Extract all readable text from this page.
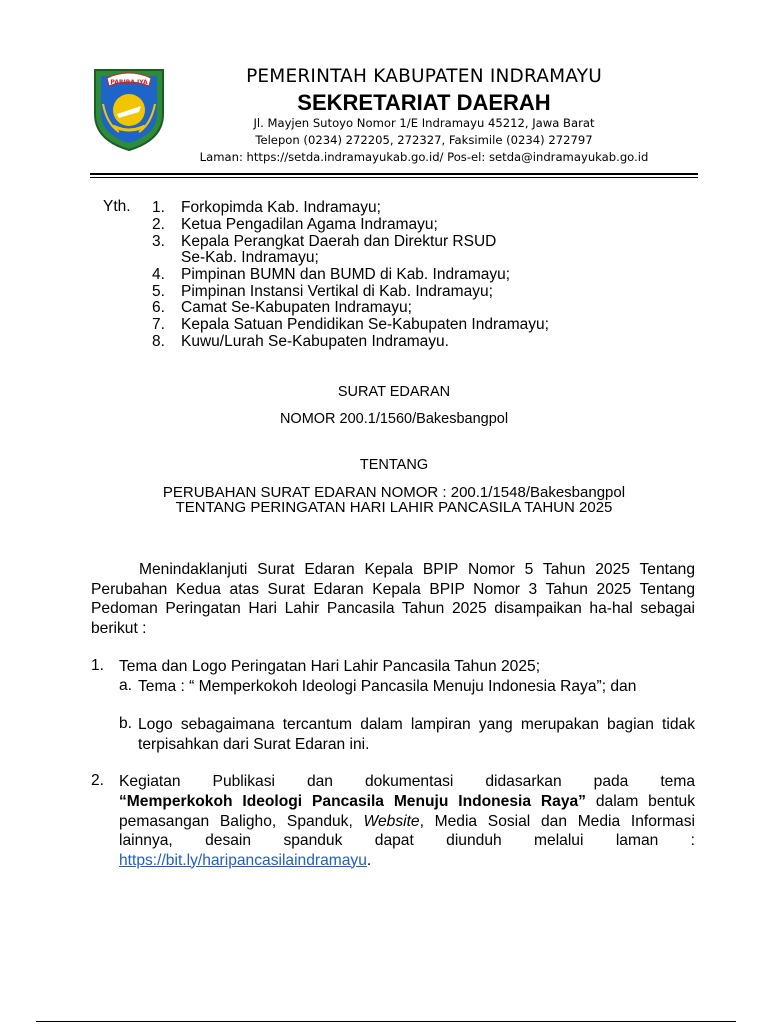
PARIBA IYA	PEMERINTAH KABUPATEN INDRAMAYU
SEKRETARIAT DAERAH
Jl. Mayjen Sutoyo Nomor 1/E Indramayu 45212, Jawa Barat
Telepon (0234) 272205, 272327, Faksimile (0234) 272797
Laman: https://setda.indramayukab.go.id/ Pos-el: setda@indramayukab.go.id
Yth. 1. Forkopimda Kab. Indramayu;
2. Ketua Pengadilan Agama Indramayu;
3. Kepala Perangkat Daerah dan Direktur RSUD
Se-Kab. Indramayu;
4. Pimpinan BUMN dan BUMD di Kab. Indramayu;
5. Pimpinan Instansi Vertikal di Kab. Indramayu;
6. Camat Se-Kabupaten Indramayu;
7. Kepala Satuan Pendidikan Se-Kabupaten Indramayu;
8. Kuwu/Lurah Se-Kabupaten Indramayu.
SURAT EDARAN
NOMOR 200.1/1560/Bakesbangpol
TENTANG
PERUBAHAN SURAT EDARAN NOMOR : 200.1/1548/Bakesbangpol
TENTANG PERINGATAN HARI LAHIR PANCASILA TAHUN 2025
Menindaklanjuti Surat Edaran Kepala BPIP Nomor 5 Tahun 2025 Tentang Perubahan Kedua atas Surat Edaran Kepala BPIP Nomor 3 Tahun 2025 Tentang Pedoman Peringatan Hari Lahir Pancasila Tahun 2025 disampaikan ha-hal sebagai berikut :
1. Tema dan Logo Peringatan Hari Lahir Pancasila Tahun 2025;
a. Tema : “ Memperkokoh Ideologi Pancasila Menuju Indonesia Raya”; dan
b. Logo sebagaimana tercantum dalam lampiran yang merupakan bagian tidak terpisahkan dari Surat Edaran ini.
2. Kegiatan Publikasi dan dokumentasi didasarkan pada tema
“Memperkokoh Ideologi Pancasila Menuju Indonesia Raya” dalam bentuk pemasangan Baligho, Spanduk, Website, Media Sosial dan Media Informasi lainnya, desain spanduk dapat diunduh melalui laman : https://bit.ly/haripancasilaindramayu.
